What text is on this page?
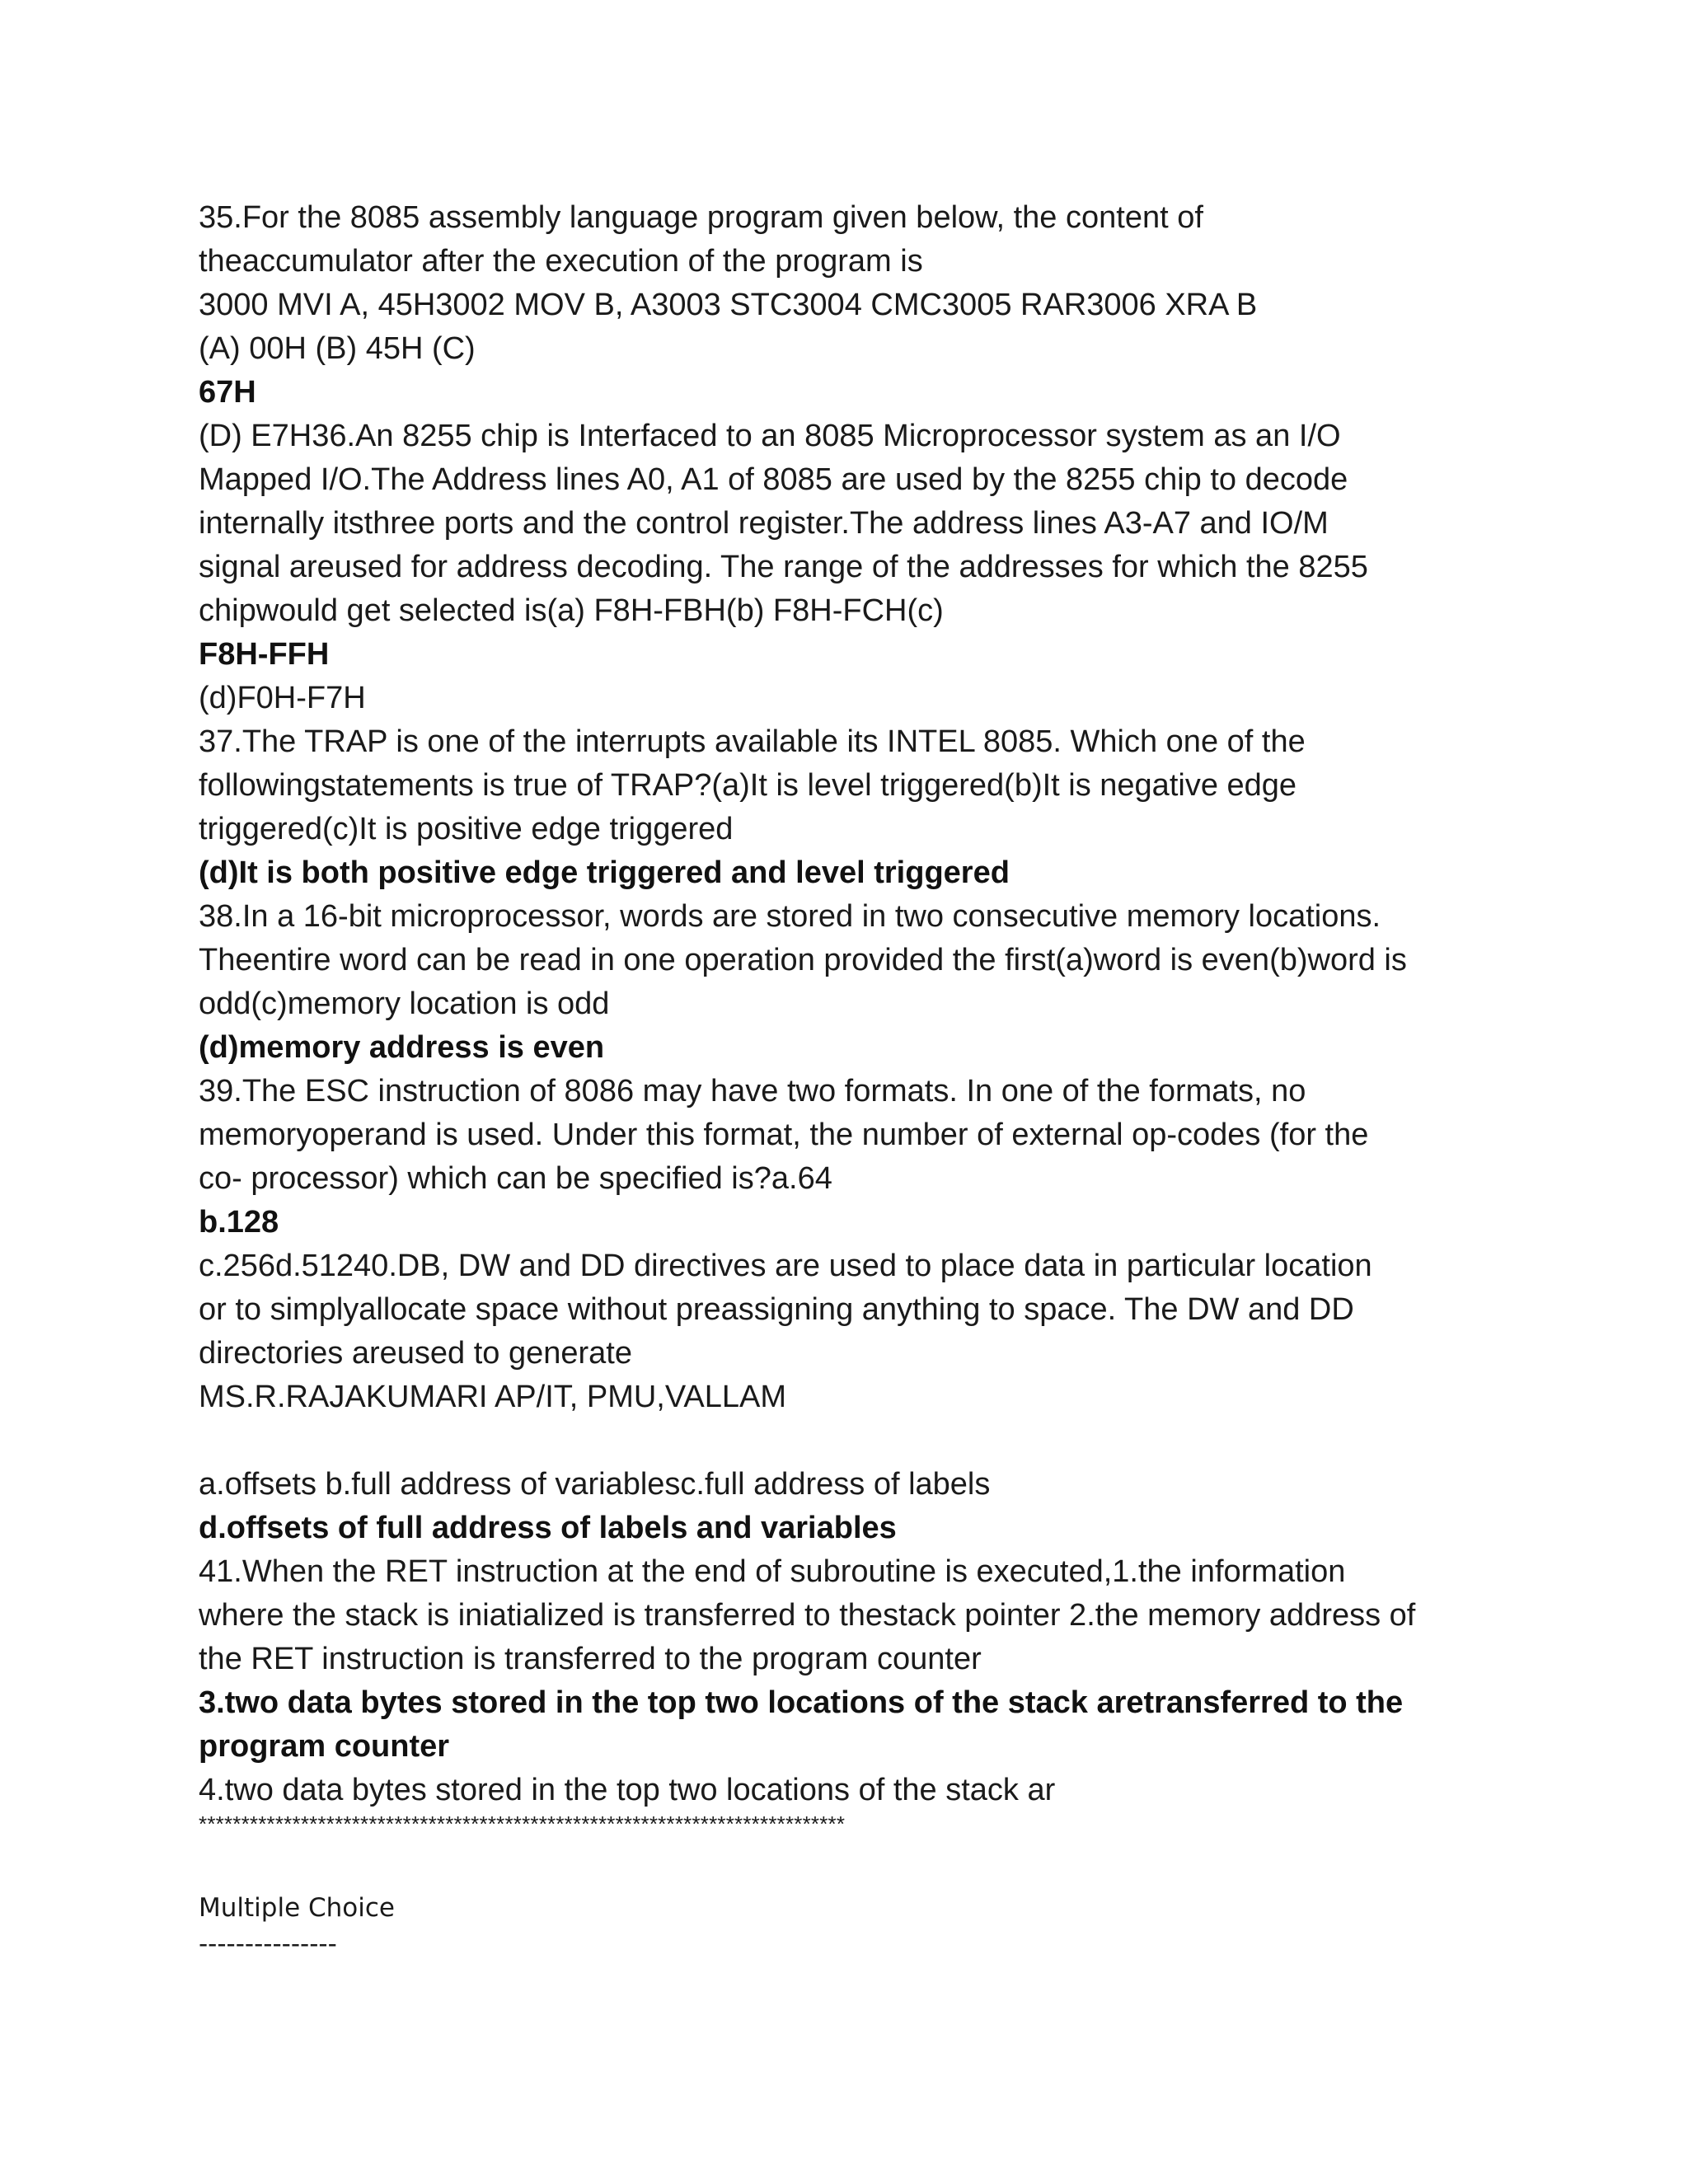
35.For the 8085 assembly language program given below, the content of
theaccumulator after the execution of the program is
3000 MVI A, 45H3002 MOV B, A3003 STC3004 CMC3005 RAR3006 XRA B
(A) 00H (B) 45H (C)
67H
(D) E7H36.An 8255 chip is Interfaced to an 8085 Microprocessor system as an I/O
Mapped I/O.The Address lines A0, A1 of 8085 are used by the 8255 chip to decode
internally itsthree ports and the control register.The address lines A3-A7 and IO/M
signal areused for address decoding. The range of the addresses for which the 8255
chipwould get selected is(a) F8H-FBH(b) F8H-FCH(c)
F8H-FFH
(d)F0H-F7H
37.The TRAP is one of the interrupts available its INTEL 8085. Which one of the
followingstatements is true of TRAP?(a)It is level triggered(b)It is negative edge
triggered(c)It is positive edge triggered
(d)It is both positive edge triggered and level triggered
38.In a 16-bit microprocessor, words are stored in two consecutive memory locations.
Theentire word can be read in one operation provided the first(a)word is even(b)word is
odd(c)memory location is odd
(d)memory address is even
39.The ESC instruction of 8086 may have two formats. In one of the formats, no
memoryoperand is used. Under this format, the number of external op-codes (for the
co- processor) which can be specified is?a.64
b.128
c.256d.51240.DB, DW and DD directives are used to place data in particular location
or to simplyallocate space without preassigning anything to space. The DW and DD
directories areused to generate
MS.R.RAJAKUMARI AP/IT, PMU,VALLAM
a.offsets b.full address of variablesc.full address of labels
d.offsets of full address of labels and variables
41.When the RET instruction at the end of subroutine is executed,1.the information
where the stack is iniatialized is transferred to thestack pointer 2.the memory address of
the RET instruction is transferred to the program counter
3.two data bytes stored in the top two locations of the stack aretransferred to the
program counter
4.two data bytes stored in the top two locations of the stack ar
****************************************************************************
Multiple Choice
---------------
